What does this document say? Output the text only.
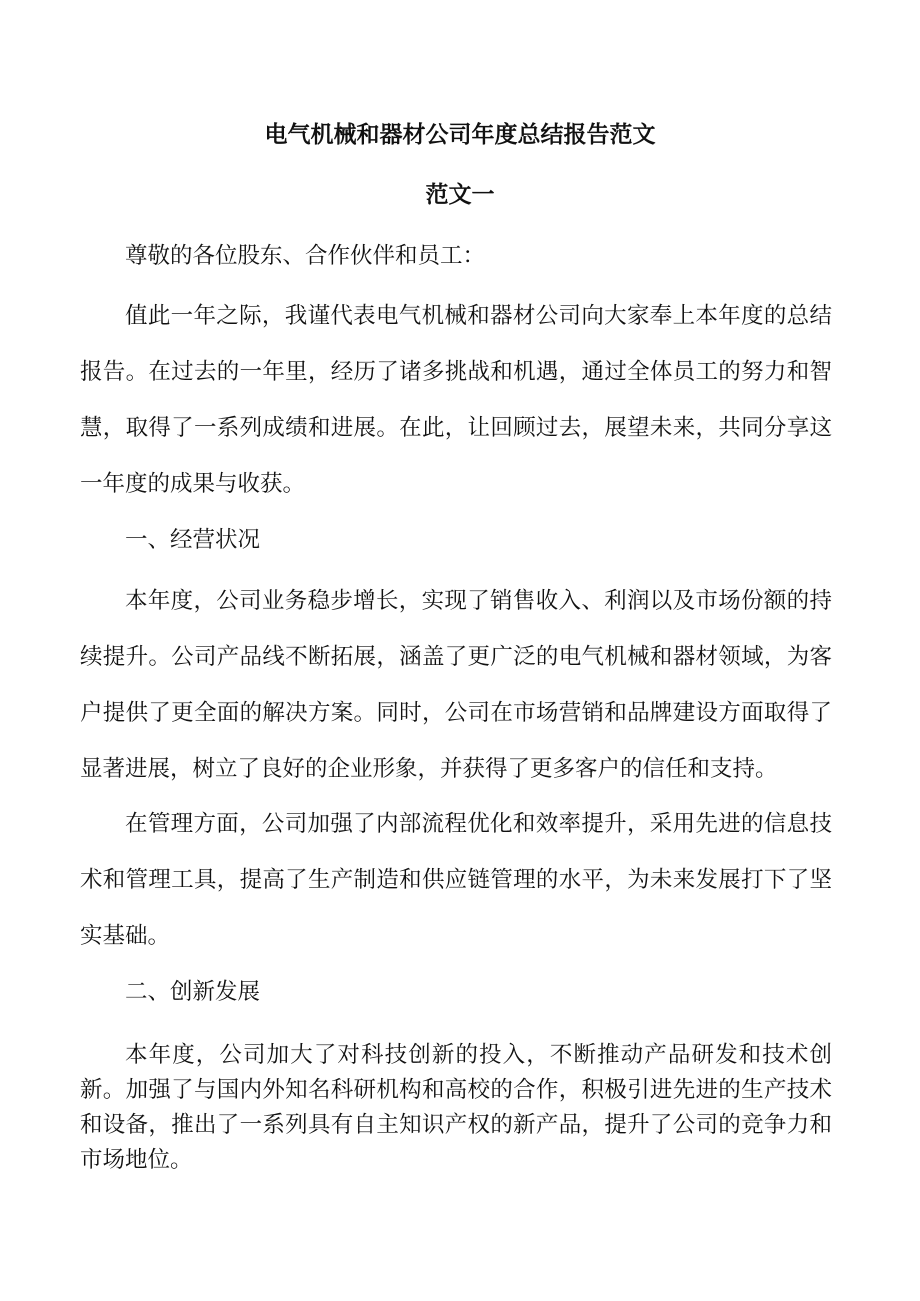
电气机械和器材公司年度总结报告范文
范文一

尊敬的各位股东、合作伙伴和员工：

值此一年之际，我谨代表电气机械和器材公司向大家奉上本年度的总结报告。在过去的一年里，经历了诸多挑战和机遇，通过全体员工的努力和智慧，取得了一系列成绩和进展。在此，让回顾过去，展望未来，共同分享这一年度的成果与收获。

一、经营状况

本年度，公司业务稳步增长，实现了销售收入、利润以及市场份额的持续提升。公司产品线不断拓展，涵盖了更广泛的电气机械和器材领域，为客户提供了更全面的解决方案。同时，公司在市场营销和品牌建设方面取得了显著进展，树立了良好的企业形象，并获得了更多客户的信任和支持。

在管理方面，公司加强了内部流程优化和效率提升，采用先进的信息技术和管理工具，提高了生产制造和供应链管理的水平，为未来发展打下了坚实基础。

二、创新发展

本年度，公司加大了对科技创新的投入，不断推动产品研发和技术创新。加强了与国内外知名科研机构和高校的合作，积极引进先进的生产技术和设备，推出了一系列具有自主知识产权的新产品，提升了公司的竞争力和市场地位。
